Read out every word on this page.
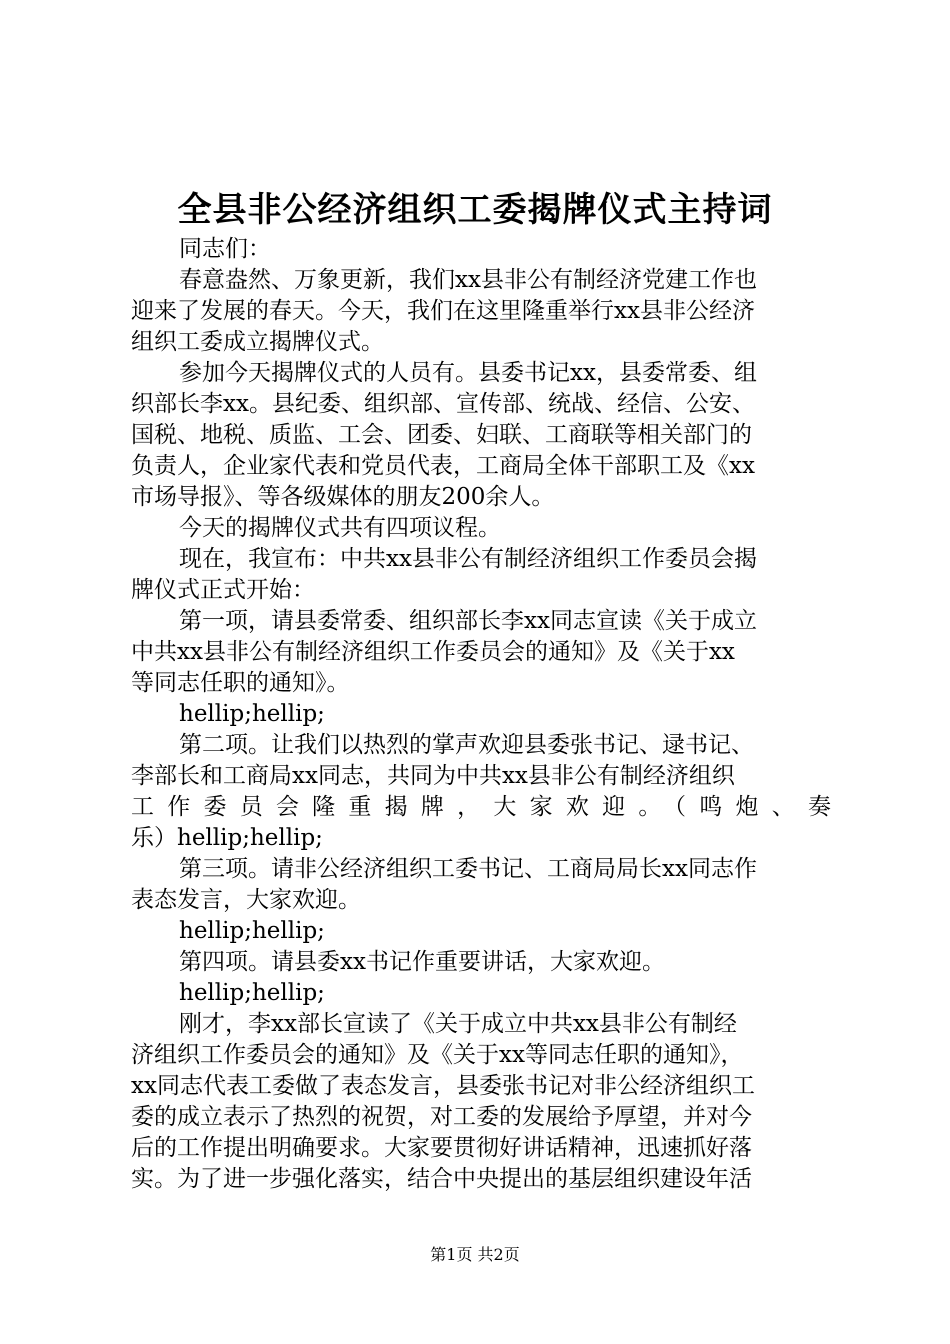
全县非公经济组织工委揭牌仪式主持词
同志们：
春意盎然、万象更新，我们xx县非公有制经济党建工作也
迎来了发展的春天。今天，我们在这里隆重举行xx县非公经济
组织工委成立揭牌仪式。
参加今天揭牌仪式的人员有。县委书记xx，县委常委、组
织部长李xx。县纪委、组织部、宣传部、统战、经信、公安、
国税、地税、质监、工会、团委、妇联、工商联等相关部门的
负责人，企业家代表和党员代表，工商局全体干部职工及《xx
市场导报》、等各级媒体的朋友200余人。
今天的揭牌仪式共有四项议程。
现在，我宣布：中共xx县非公有制经济组织工作委员会揭
牌仪式正式开始：
第一项，请县委常委、组织部长李xx同志宣读《关于成立
中共xx县非公有制经济组织工作委员会的通知》及《关于xx
等同志任职的通知》。
hellip;hellip;
第二项。让我们以热烈的掌声欢迎县委张书记、逯书记、
李部长和工商局xx同志，共同为中共xx县非公有制经济组织
工作委员会隆重揭牌，大家欢迎。（鸣炮、奏
乐）hellip;hellip;
第三项。请非公经济组织工委书记、工商局局长xx同志作
表态发言，大家欢迎。
hellip;hellip;
第四项。请县委xx书记作重要讲话，大家欢迎。
hellip;hellip;
刚才，李xx部长宣读了《关于成立中共xx县非公有制经
济组织工作委员会的通知》及《关于xx等同志任职的通知》，
xx同志代表工委做了表态发言，县委张书记对非公经济组织工
委的成立表示了热烈的祝贺，对工委的发展给予厚望，并对今
后的工作提出明确要求。大家要贯彻好讲话精神，迅速抓好落
实。为了进一步强化落实，结合中央提出的基层组织建设年活
第1页 共2页
